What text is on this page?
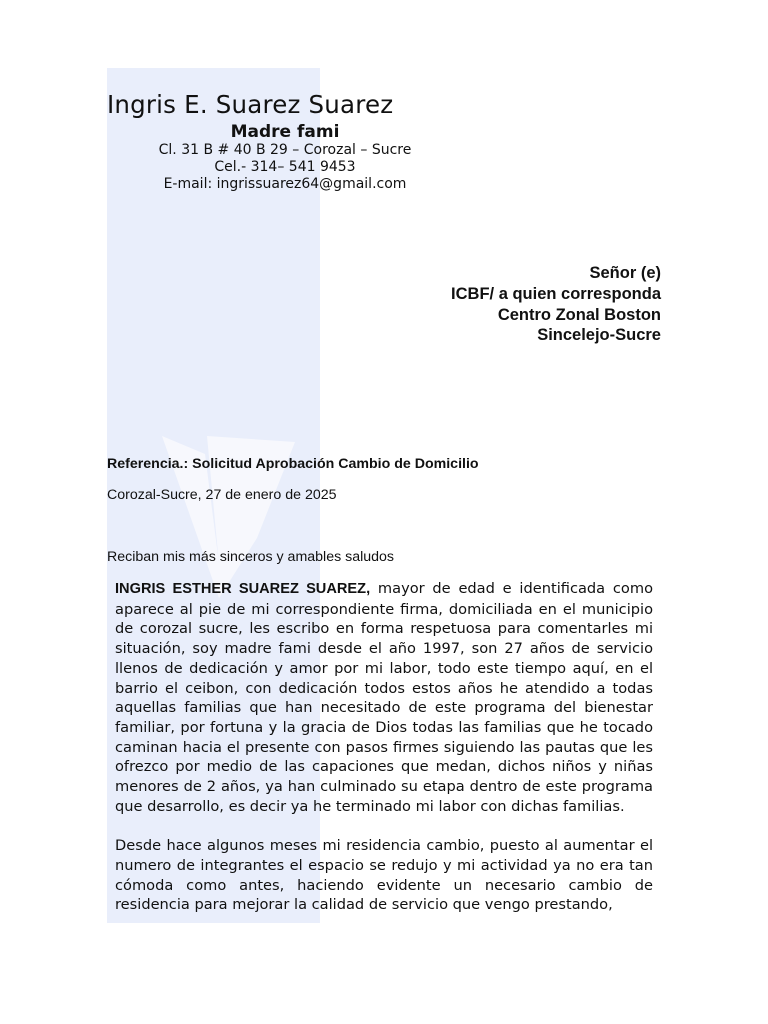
Ingris E. Suarez Suarez
Madre fami
Cl. 31 B # 40 B 29 – Corozal – Sucre
Cel.- 314– 541 9453
E-mail: ingrissuarez64@gmail.com
Señor (e)
ICBF/ a quien corresponda
Centro Zonal Boston
Sincelejo-Sucre
Referencia.: Solicitud Aprobación Cambio de Domicilio
Corozal-Sucre, 27 de enero de 2025
Reciban mis más sinceros y amables saludos

INGRIS ESTHER SUAREZ SUAREZ, mayor de edad e identificada como aparece al pie de mi correspondiente firma, domiciliada en el municipio de corozal sucre, les escribo en forma respetuosa para comentarles mi situación, soy madre fami desde el año 1997, son 27 años de servicio llenos de dedicación y amor por mi labor, todo este tiempo aquí, en el barrio el ceibon, con dedicación todos estos años he atendido a todas aquellas familias que han necesitado de este programa del bienestar familiar, por fortuna y la gracia de Dios todas las familias que he tocado caminan hacia el presente con pasos firmes siguiendo las pautas que les ofrezco por medio de las capaciones que medan, dichos niños y niñas menores de 2 años, ya han culminado su etapa dentro de este programa que desarrollo, es decir ya he terminado mi labor con dichas familias.

Desde hace algunos meses mi residencia cambio, puesto al aumentar el numero de integrantes el espacio se redujo y mi actividad ya no era tan cómoda como antes, haciendo evidente un necesario cambio de residencia para mejorar la calidad de servicio que vengo prestando,
